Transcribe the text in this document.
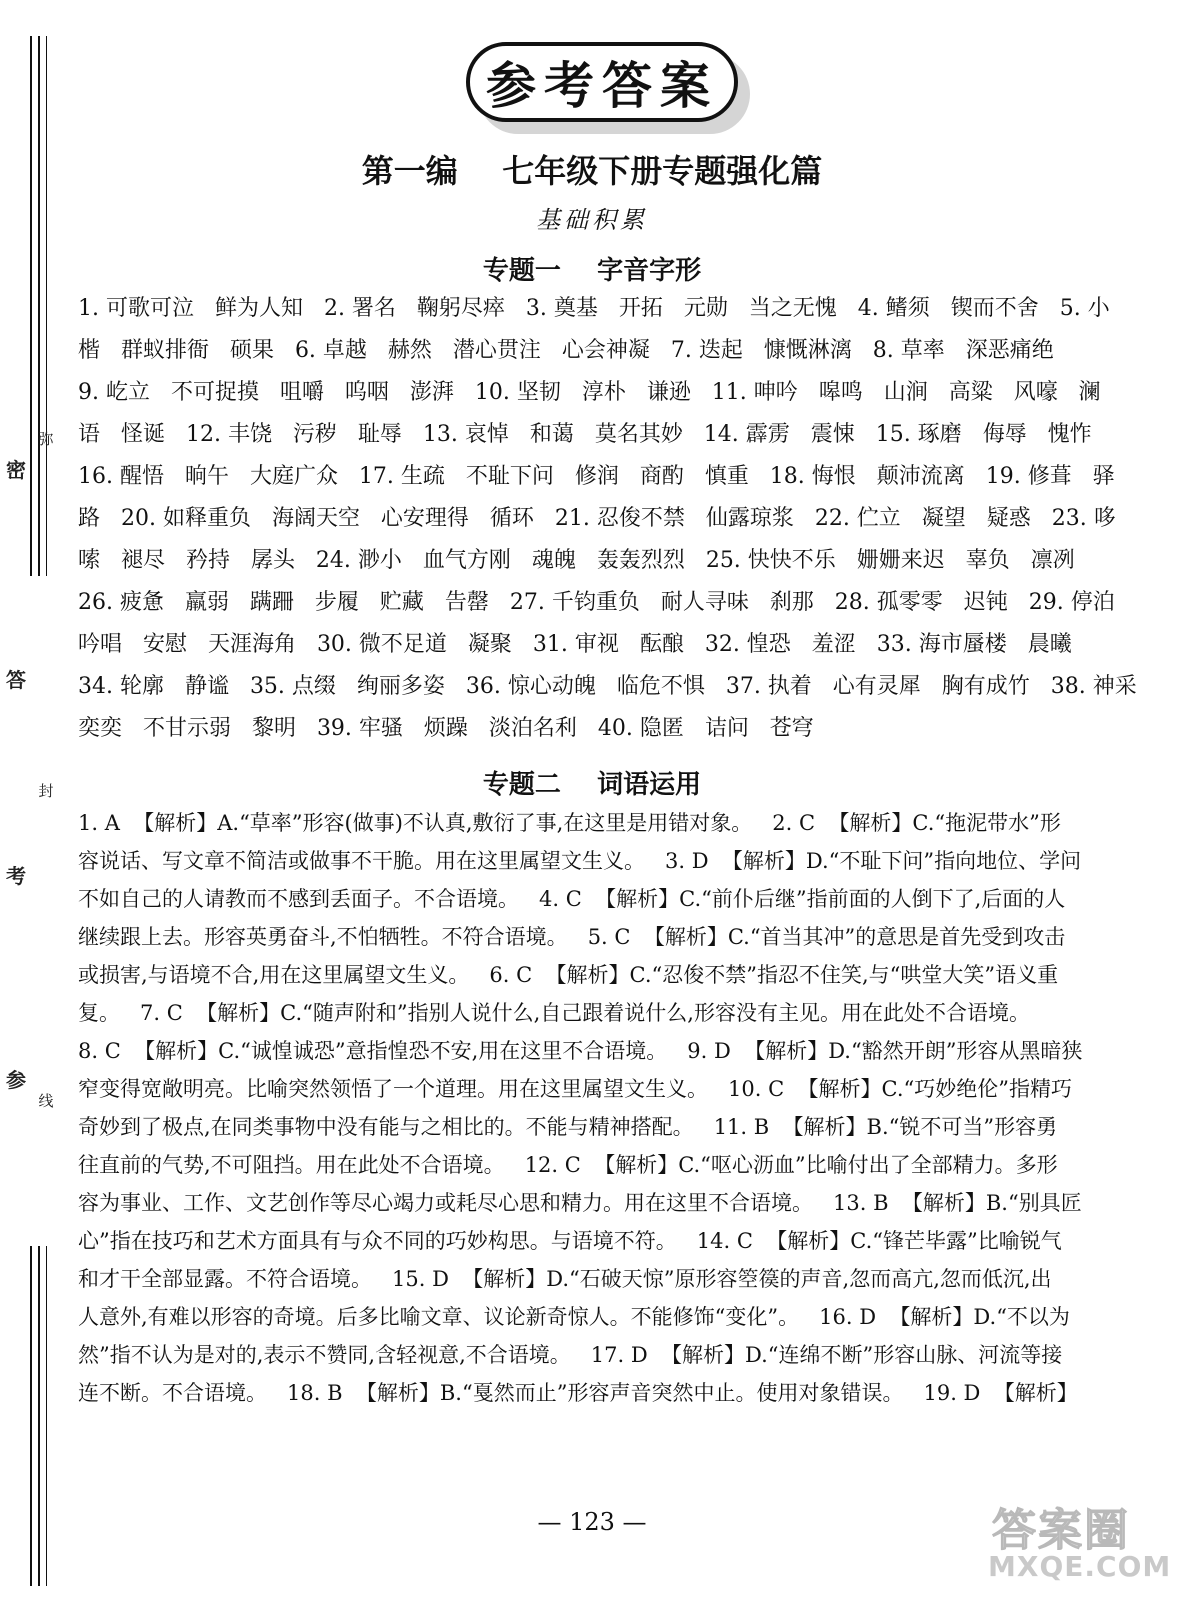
密
弥
答
封
考
参
线
参考答案
第一编    七年级下册专题强化篇
基础积累
专题一    字音字形
1. 可歌可泣   鲜为人知   2. 署名   鞠躬尽瘁   3. 奠基   开拓   元勋   当之无愧   4. 鳍须   锲而不舍   5. 小
楷   群蚁排衙   硕果   6. 卓越   赫然   潜心贯注   心会神凝   7. 迭起   慷慨淋漓   8. 草率   深恶痛绝
9. 屹立   不可捉摸   咀嚼   呜咽   澎湃   10. 坚韧   淳朴   谦逊   11. 呻吟   嗥鸣   山涧   高粱   风嚎   澜
语   怪诞   12. 丰饶   污秽   耻辱   13. 哀悼   和蔼   莫名其妙   14. 霹雳   震悚   15. 琢磨   侮辱   愧怍
16. 醒悟   晌午   大庭广众   17. 生疏   不耻下问   修润   商酌   慎重   18. 悔恨   颠沛流离   19. 修葺   驿
路   20. 如释重负   海阔天空   心安理得   循环   21. 忍俊不禁   仙露琼浆   22. 伫立   凝望   疑惑   23. 哆
嗦   褪尽   矜持   孱头   24. 渺小   血气方刚   魂魄   轰轰烈烈   25. 快快不乐   姗姗来迟   辜负   凛冽
26. 疲惫   羸弱   蹒跚   步履   贮藏   告罄   27. 千钧重负   耐人寻味   刹那   28. 孤零零   迟钝   29. 停泊
吟唱   安慰   天涯海角   30. 微不足道   凝聚   31. 审视   酝酿   32. 惶恐   羞涩   33. 海市蜃楼   晨曦
34. 轮廓   静谧   35. 点缀   绚丽多姿   36. 惊心动魄   临危不惧   37. 执着   心有灵犀   胸有成竹   38. 神采
奕奕   不甘示弱   黎明   39. 牢骚   烦躁   淡泊名利   40. 隐匿   诘问   苍穹
专题二    词语运用
1. A  【解析】A.“草率”形容(做事)不认真,敷衍了事,在这里是用错对象。   2. C  【解析】C.“拖泥带水”形
容说话、写文章不简洁或做事不干脆。用在这里属望文生义。   3. D  【解析】D.“不耻下问”指向地位、学问
不如自己的人请教而不感到丢面子。不合语境。   4. C  【解析】C.“前仆后继”指前面的人倒下了,后面的人
继续跟上去。形容英勇奋斗,不怕牺牲。不符合语境。   5. C  【解析】C.“首当其冲”的意思是首先受到攻击
或损害,与语境不合,用在这里属望文生义。   6. C  【解析】C.“忍俊不禁”指忍不住笑,与“哄堂大笑”语义重
复。   7. C  【解析】C.“随声附和”指别人说什么,自己跟着说什么,形容没有主见。用在此处不合语境。
8. C  【解析】C.“诚惶诚恐”意指惶恐不安,用在这里不合语境。   9. D  【解析】D.“豁然开朗”形容从黑暗狭
窄变得宽敞明亮。比喻突然领悟了一个道理。用在这里属望文生义。   10. C  【解析】C.“巧妙绝伦”指精巧
奇妙到了极点,在同类事物中没有能与之相比的。不能与精神搭配。   11. B  【解析】B.“锐不可当”形容勇
往直前的气势,不可阻挡。用在此处不合语境。   12. C  【解析】C.“呕心沥血”比喻付出了全部精力。多形
容为事业、工作、文艺创作等尽心竭力或耗尽心思和精力。用在这里不合语境。   13. B  【解析】B.“别具匠
心”指在技巧和艺术方面具有与众不同的巧妙构思。与语境不符。   14. C  【解析】C.“锋芒毕露”比喻锐气
和才干全部显露。不符合语境。   15. D  【解析】D.“石破天惊”原形容箜篌的声音,忽而高亢,忽而低沉,出
人意外,有难以形容的奇境。后多比喻文章、议论新奇惊人。不能修饰“变化”。   16. D  【解析】D.“不以为
然”指不认为是对的,表示不赞同,含轻视意,不合语境。   17. D  【解析】D.“连绵不断”形容山脉、河流等接
连不断。不合语境。   18. B  【解析】B.“戛然而止”形容声音突然中止。使用对象错误。   19. D  【解析】
— 123 —	答案圈
MXQE.COM
